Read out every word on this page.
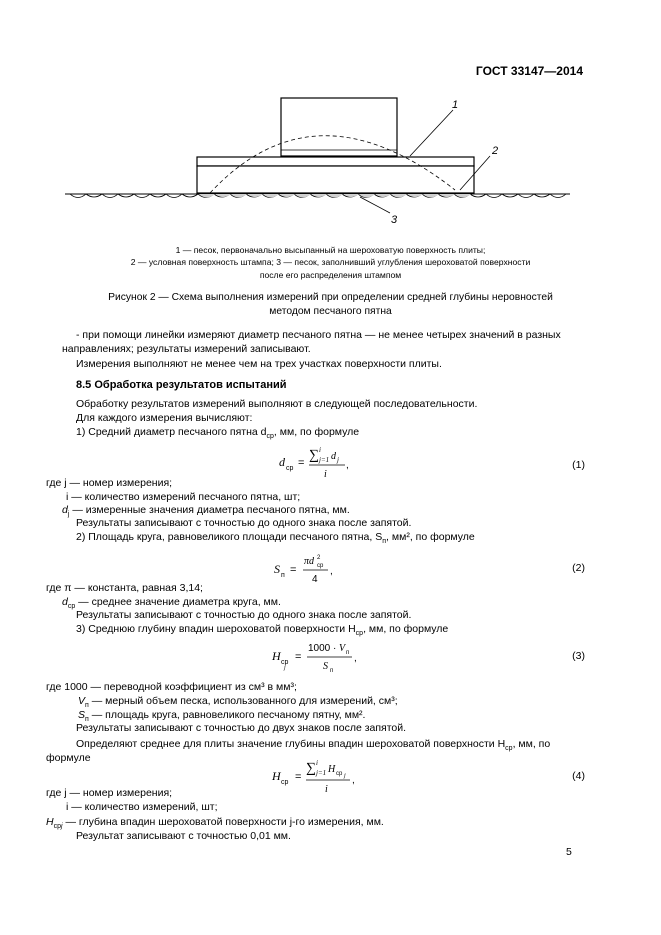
ГОСТ 33147—2014
1
2
3
1 — песок, первоначально высыпанный на шероховатую поверхность плиты;
2 — условная поверхность штампа; 3 — песок, заполнивший углубления шероховатой поверхности
после его распределения штампом
Рисунок 2 — Схема выполнения измерений при определении средней глубины неровностей
методом песчаного пятна
- при помощи линейки измеряют диаметр песчаного пятна — не менее четырех значений в разных
направлениях; результаты измерений записывают.
Измерения выполняют не менее чем на трех участках поверхности плиты.
8.5 Обработка результатов испытаний
Обработку результатов измерений выполняют в следующей последовательности.
Для каждого измерения вычисляют:
1) Средний диаметр песчаного пятна $d_{ср}$, мм, по формуле
d ср = ∑ i
j=1 d j
i
,	(1)
где j — номер измерения;
i — количество измерений песчаного пятна, шт;
$d_j$ — измеренные значения диаметра песчаного пятна, мм.
Результаты записывают с точностью до одного знака после запятой.
2) Площадь круга, равновеликого площади песчаного пятна, $S_п$, мм², по формуле
S п =
πd 2
ср
4
,	(2)
где π — константа, равная 3,14;
$d_{ср}$ — среднее значение диаметра круга, мм.
Результаты записывают с точностью до одного знака после запятой.
3) Среднюю глубину впадин шероховатой поверхности $H_{ср}$, мм, по формуле
H ср
j
=
1000 · V п
S п
,	(3)
где 1000 — переводной коэффициент из см³ в мм³;
$V_п$ — мерный объем песка, использованного для измерений, см³;
$S_п$ — площадь круга, равновеликого песчаному пятну, мм².
Результаты записывают с точностью до двух знаков после запятой.
Определяют среднее для плиты значение глубины впадин шероховатой поверхности $H_{ср}$, мм, по
формуле
H ср =
∑ i
j=1 H ср j
i
,	(4)
где j — номер измерения;
i — количество измерений, шт;
$H_{срj}$ — глубина впадин шероховатой поверхности j-го измерения, мм.
Результат записывают с точностью 0,01 мм.
5
